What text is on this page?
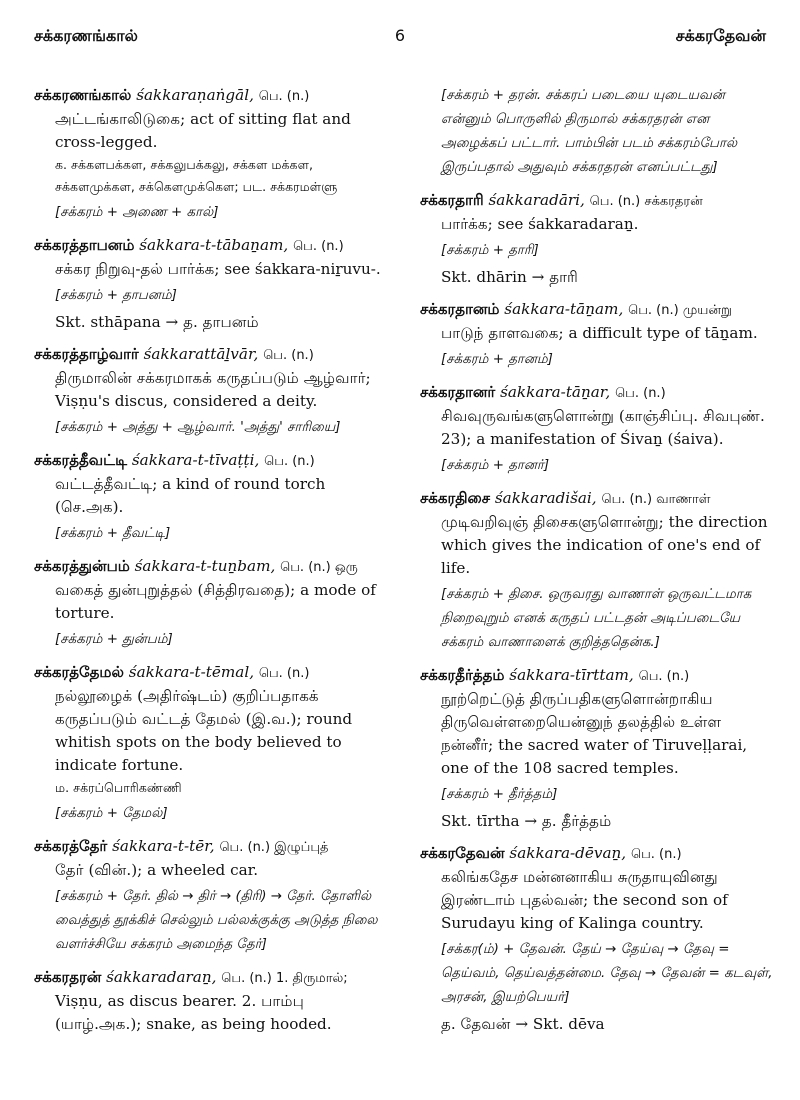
சக்கரணங்கால்	6	சக்கரதேவன்
சக்கரணங்கால் śakkaraṇaṅgāl, பெ. (n.)
அட்டங்காலிடுகை; act of sitting flat and cross-legged.
க. சக்களபக்கள, சக்கலுபக்கலு, சக்கள மக்கள, சக்களமுக்கள, சக்கௌமுக்கௌ; பட. சக்கரமள்ளு
[சக்கரம் + அணை + கால்]
சக்கரத்தாபனம் śakkara-t-tābaṉam, பெ. (n.)
சக்கர நிறுவு-தல் பார்க்க; see śakkara-niṟuvu-.
[சக்கரம் + தாபனம்]
Skt. sthāpana → த. தாபனம்
சக்கரத்தாழ்வார் śakkarattāḻvār, பெ. (n.)
திருமாலின் சக்கரமாகக் கருதப்படும் ஆழ்வார்; Viṣṇu's discus, considered a deity.
[சக்கரம் + அத்து + ஆழ்வார். 'அத்து' சாரியை]
சக்கரத்தீவட்டி śakkara-t-tīvaṭṭi, பெ. (n.)
வட்டத்தீவட்டி; a kind of round torch (செ.அக).
[சக்கரம் + தீவட்டி]
சக்கரத்துன்பம் śakkara-t-tuṉbam, பெ. (n.) ஒரு
வகைத் துன்புறுத்தல் (சித்திரவதை); a mode of torture.
[சக்கரம் + துன்பம்]
சக்கரத்தேமல் śakkara-t-tēmal, பெ. (n.)
நல்லூழைக் (அதிர்ஷ்டம்) குறிப்பதாகக் கருதப்படும் வட்டத் தேமல் (இ.வ.); round whitish spots on the body believed to indicate fortune.
ம. சக்ரப்பொரிகண்ணி
[சக்கரம் + தேமல்]
சக்கரத்தேர் śakkara-t-tēr, பெ. (n.) இழுப்புத்
தேர் (வின்.); a wheeled car.
[சக்கரம் + தேர். தில் → திர் → (திரி) → தேர். தோளில் வைத்துத் தூக்கிச் செல்லும் பல்லக்குக்கு அடுத்த நிலை வளர்ச்சியே சக்கரம் அமைந்த தேர்]
சக்கரதரன் śakkaradaraṉ, பெ. (n.) 1. திருமால்;
Viṣṇu, as discus bearer. 2. பாம்பு (யாழ்.அக.); snake, as being hooded.
[சக்கரம் + தரன். சக்கரப் படையை யுடையவன் என்னும் பொருளில் திருமால் சக்கரதரன் என அழைக்கப் பட்டார். பாம்பின் படம் சக்கரம்போல் இருப்பதால் அதுவும் சக்கரதரன் எனப்பட்டது]
சக்கரதாரி śakkaradāri, பெ. (n.) சக்கரதரன்
பார்க்க; see śakkaradaraṉ.
[சக்கரம் + தாரி]
Skt. dhārin → தாரி
சக்கரதானம் śakkara-tāṉam, பெ. (n.) முயன்று
பாடுந் தாளவகை; a difficult type of tāṉam.
[சக்கரம் + தானம்]
சக்கரதானர் śakkara-tāṉar, பெ. (n.)
சிவவுருவங்களுளொன்று (காஞ்சிப்பு. சிவபுண். 23); a manifestation of Śivaṉ (śaiva).
[சக்கரம் + தானர்]
சக்கரதிசை śakkaradišai, பெ. (n.) வாணாள்
முடிவறிவுஞ் திசைகளுளொன்று; the direction which gives the indication of one's end of life.
[சக்கரம் + திசை. ஒருவரது வாணாள் ஒருவட்டமாக நிறைவுறும் எனக் கருதப் பட்டதன் அடிப்படையே சக்கரம் வாணாளைக் குறித்ததென்க.]
சக்கரதீர்த்தம் śakkara-tīrttam, பெ. (n.)
நூற்றெட்டுத் திருப்பதிகளுளொன்றாகிய திருவெள்ளறையென்னுந் தலத்தில் உள்ள நன்னீர்; the sacred water of Tiruveḷḷarai, one of the 108 sacred temples.
[சக்கரம் + தீர்த்தம்]
Skt. tīrtha → த. தீர்த்தம்
சக்கரதேவன் śakkara-dēvaṉ, பெ. (n.)
கலிங்கதேச மன்னனாகிய சுருதாயுவினது இரண்டாம் புதல்வன்; the second son of Surudayu king of Kalinga country.
[சக்கர(ம்) + தேவன். தேய் → தேய்வு → தேவு = தெய்வம், தெய்வத்தன்மை. தேவு → தேவன் = கடவுள், அரசன், இயற்பெயர்]
த. தேவன் → Skt. dēva
